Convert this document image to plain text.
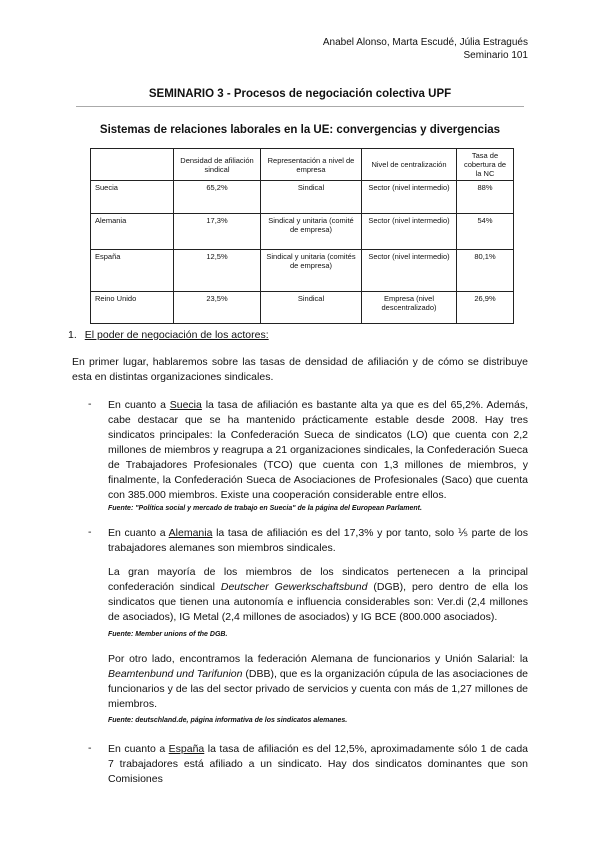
Anabel Alonso, Marta Escudé, Júlia Estragués
Seminario 101
SEMINARIO 3 - Procesos de negociación colectiva UPF
Sistemas de relaciones laborales en la UE: convergencias y divergencias
	Densidad de afiliación sindical	Representación a nivel de empresa	Nivel de centralización	Tasa de cobertura de la NC
Suecia	65,2%	Sindical	Sector (nivel intermedio)	88%
Alemania	17,3%	Sindical y unitaria (comité de empresa)	Sector (nivel intermedio)	54%
España	12,5%	Sindical y unitaria (comités de empresa)	Sector (nivel intermedio)	80,1%
Reino Unido	23,5%	Sindical	Empresa (nivel descentralizado)	26,9%
1. El poder de negociación de los actores:
En primer lugar, hablaremos sobre las tasas de densidad de afiliación y de cómo se distribuye esta en distintas organizaciones sindicales.
- En cuanto a Suecia la tasa de afiliación es bastante alta ya que es del 65,2%. Además, cabe destacar que se ha mantenido prácticamente estable desde 2008. Hay tres sindicatos principales: la Confederación Sueca de sindicatos (LO) que cuenta con 2,2 millones de miembros y reagrupa a 21 organizaciones sindicales, la Confederación Sueca de Trabajadores Profesionales (TCO) que cuenta con 1,3 millones de miembros, y finalmente, la Confederación Sueca de Asociaciones de Profesionales (Saco) que cuenta con 385.000 miembros. Existe una cooperación considerable entre ellos.
Fuente: "Política social y mercado de trabajo en Suecia" de la página del European Parlament.
- En cuanto a Alemania la tasa de afiliación es del 17,3% y por tanto, solo ⅕ parte de los trabajadores alemanes son miembros sindicales.
La gran mayoría de los miembros de los sindicatos pertenecen a la principal confederación sindical Deutscher Gewerkschaftsbund (DGB), pero dentro de ella los sindicatos que tienen una autonomía e influencia considerables son: Ver.di (2,4 millones de asociados), IG Metal (2,4 millones de asociados) y IG BCE (800.000 asociados).
Fuente: Member unions of the DGB.
Por otro lado, encontramos la federación Alemana de funcionarios y Unión Salarial: la Beamtenbund und Tarifunion (DBB), que es la organización cúpula de las asociaciones de funcionarios y de las del sector privado de servicios y cuenta con más de 1,27 millones de miembros.
Fuente: deutschland.de, página informativa de los sindicatos alemanes.
- En cuanto a España la tasa de afiliación es del 12,5%, aproximadamente sólo 1 de cada 7 trabajadores está afiliado a un sindicato. Hay dos sindicatos dominantes que son Comisiones
